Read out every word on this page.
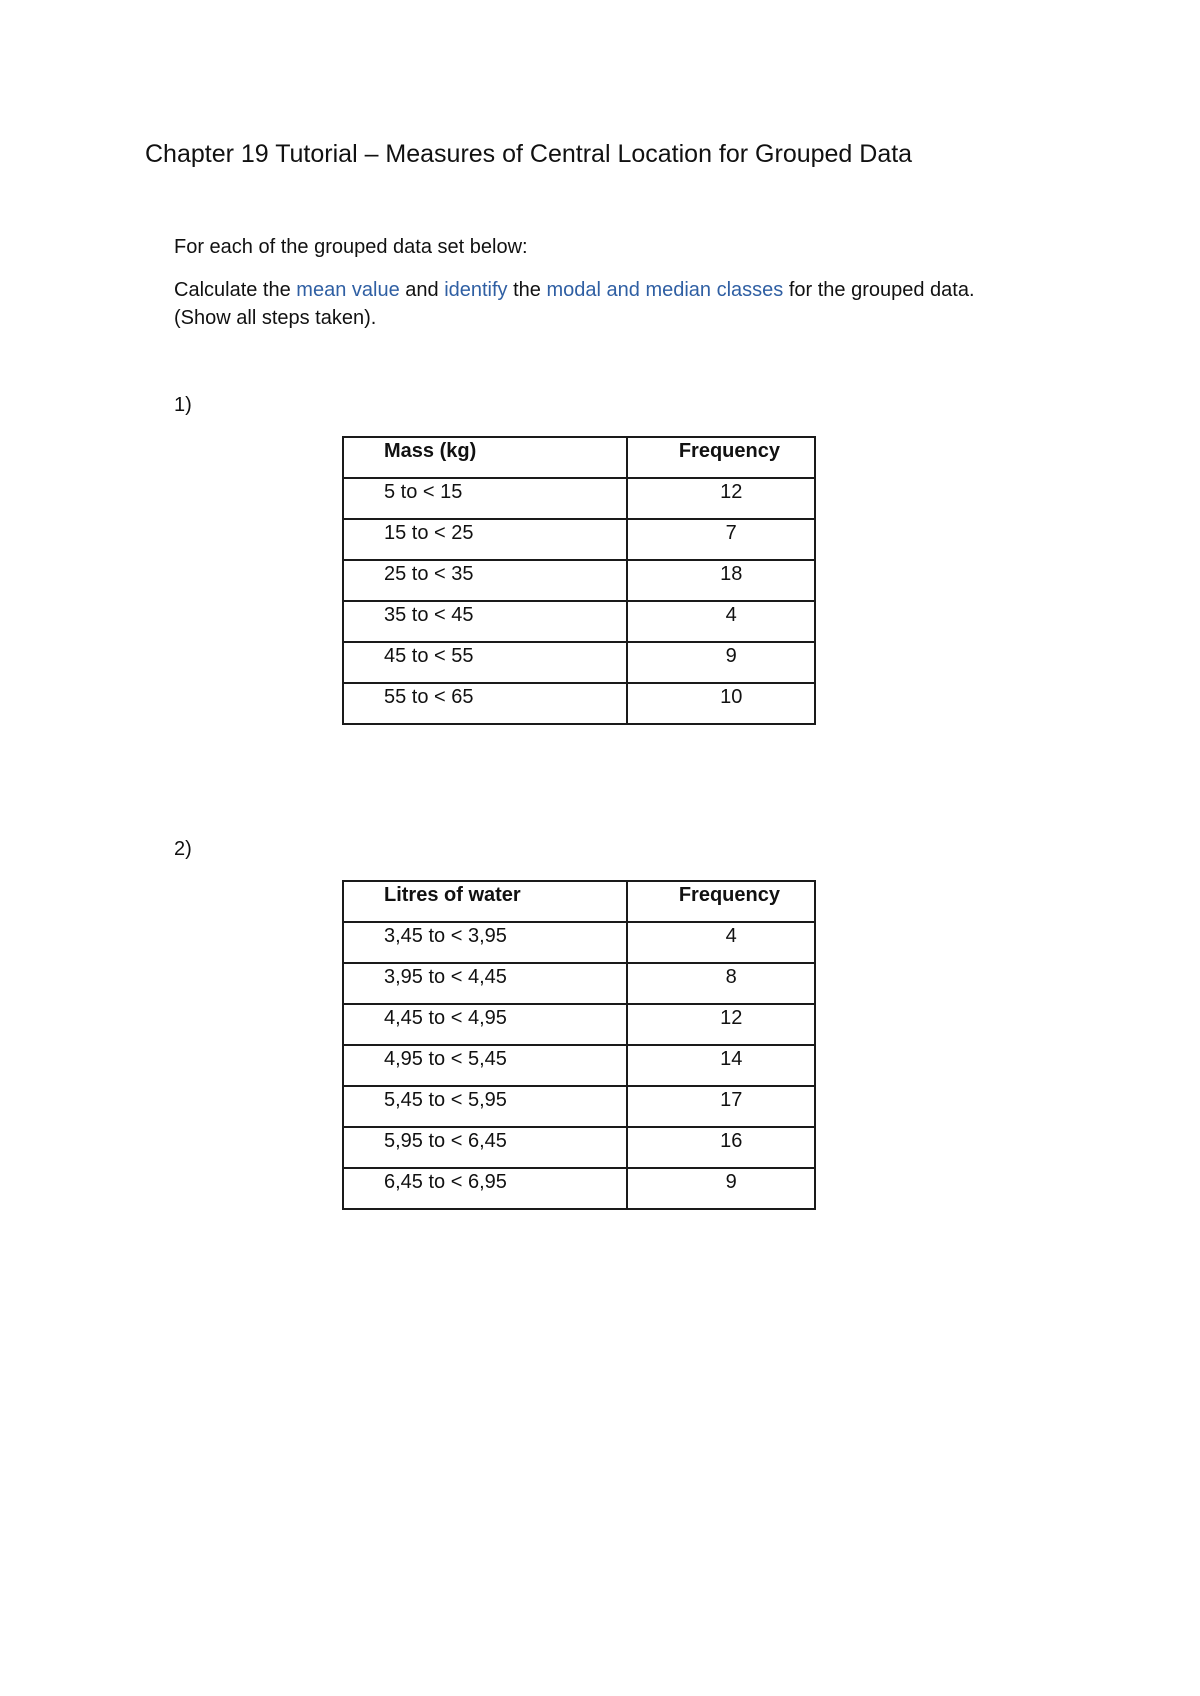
Chapter 19 Tutorial – Measures of Central Location for Grouped Data
For each of the grouped data set below:
Calculate the mean value and identify the modal and median classes for the grouped data.
(Show all steps taken).
1)
Mass (kg)	Frequency
5 to < 15	12
15 to < 25	7
25 to < 35	18
35 to < 45	4
45 to < 55	9
55 to < 65	10
2)
Litres of water	Frequency
3,45 to < 3,95	4
3,95 to < 4,45	8
4,45 to < 4,95	12
4,95 to < 5,45	14
5,45 to < 5,95	17
5,95 to < 6,45	16
6,45 to < 6,95	9
